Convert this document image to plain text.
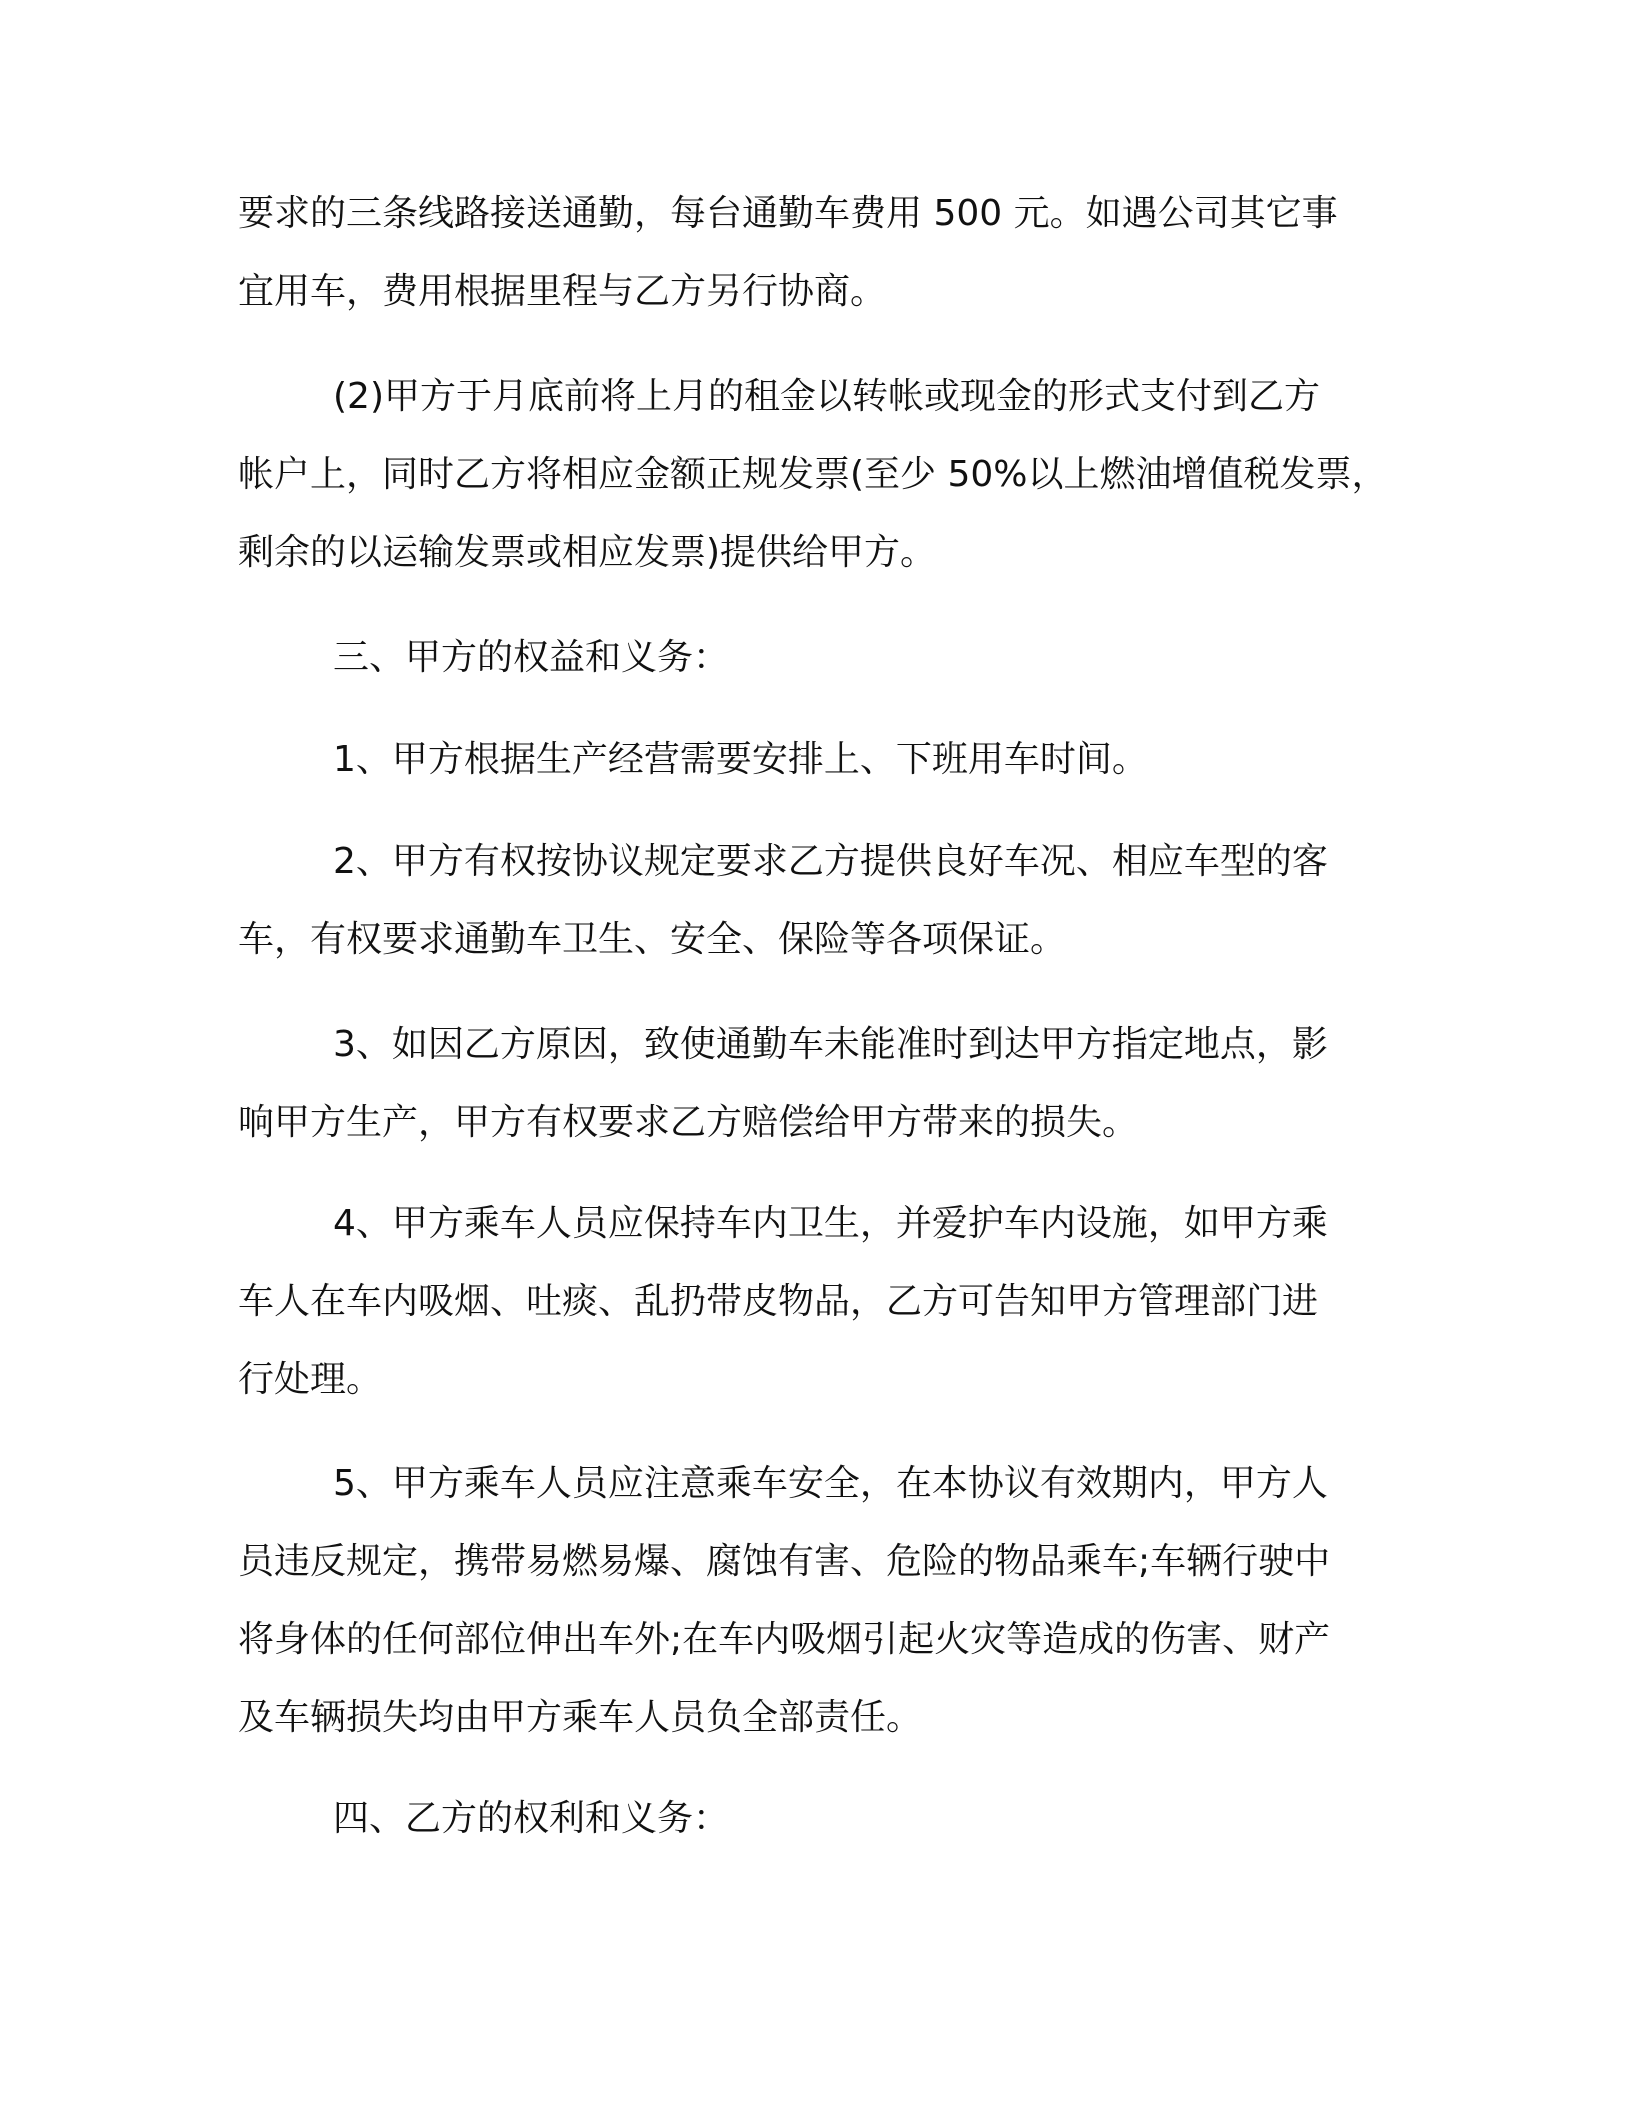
要求的三条线路接送通勤，每台通勤车费用 500 元。如遇公司其它事
宜用车，费用根据里程与乙方另行协商。
(2)甲方于月底前将上月的租金以转帐或现金的形式支付到乙方
帐户上，同时乙方将相应金额正规发票(至少 50%以上燃油增值税发票，
剩余的以运输发票或相应发票)提供给甲方。
三、甲方的权益和义务：
1、甲方根据生产经营需要安排上、下班用车时间。
2、甲方有权按协议规定要求乙方提供良好车况、相应车型的客
车，有权要求通勤车卫生、安全、保险等各项保证。
3、如因乙方原因，致使通勤车未能准时到达甲方指定地点，影
响甲方生产，甲方有权要求乙方赔偿给甲方带来的损失。
4、甲方乘车人员应保持车内卫生，并爱护车内设施，如甲方乘
车人在车内吸烟、吐痰、乱扔带皮物品，乙方可告知甲方管理部门进
行处理。
5、甲方乘车人员应注意乘车安全，在本协议有效期内，甲方人
员违反规定，携带易燃易爆、腐蚀有害、危险的物品乘车;车辆行驶中
将身体的任何部位伸出车外;在车内吸烟引起火灾等造成的伤害、财产
及车辆损失均由甲方乘车人员负全部责任。
四、乙方的权利和义务：
